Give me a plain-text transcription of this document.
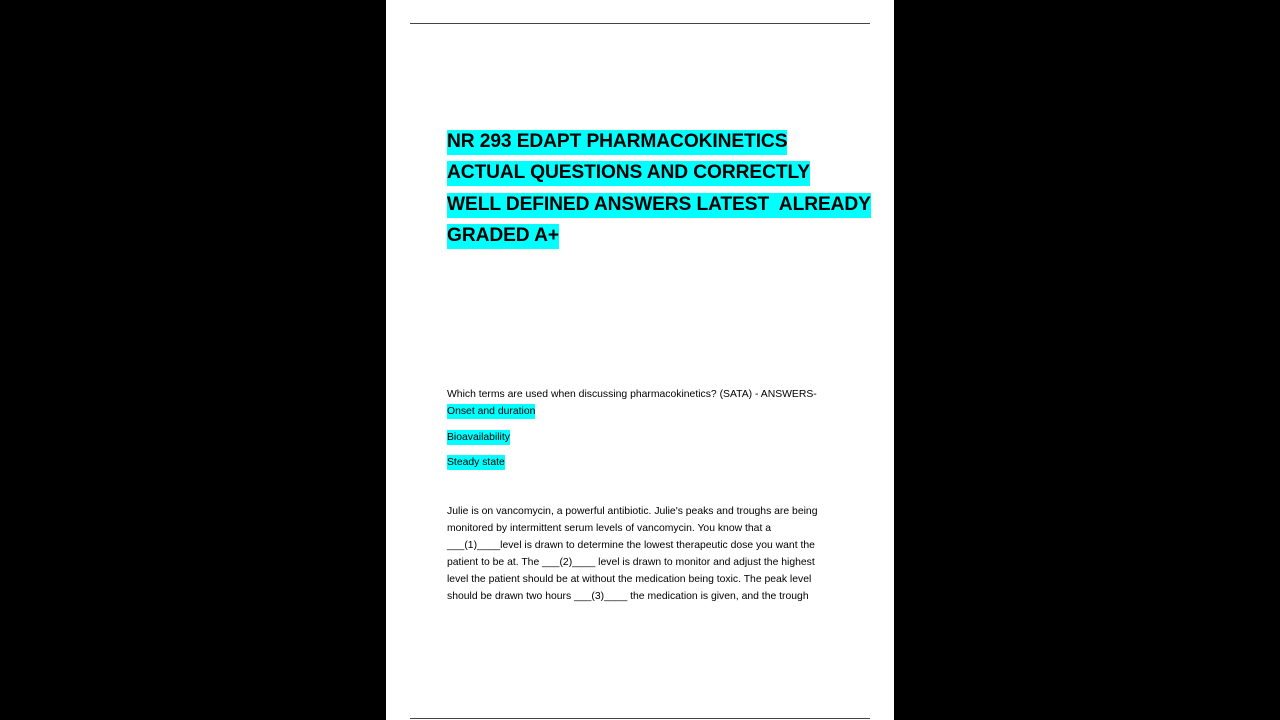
NR 293 EDAPT PHARMACOKINETICS
ACTUAL QUESTIONS AND CORRECTLY
WELL DEFINED ANSWERS LATEST  ALREADY
GRADED A+
Which terms are used when discussing pharmacokinetics? (SATA) - ANSWERS-
Onset and duration
Bioavailability
Steady state
Julie is on vancomycin, a powerful antibiotic. Julie's peaks and troughs are being
monitored by intermittent serum levels of vancomycin. You know that a
___(1)____level is drawn to determine the lowest therapeutic dose you want the
patient to be at. The ___(2)____ level is drawn to monitor and adjust the highest
level the patient should be at without the medication being toxic. The peak level
should be drawn two hours ___(3)____ the medication is given, and the trough
